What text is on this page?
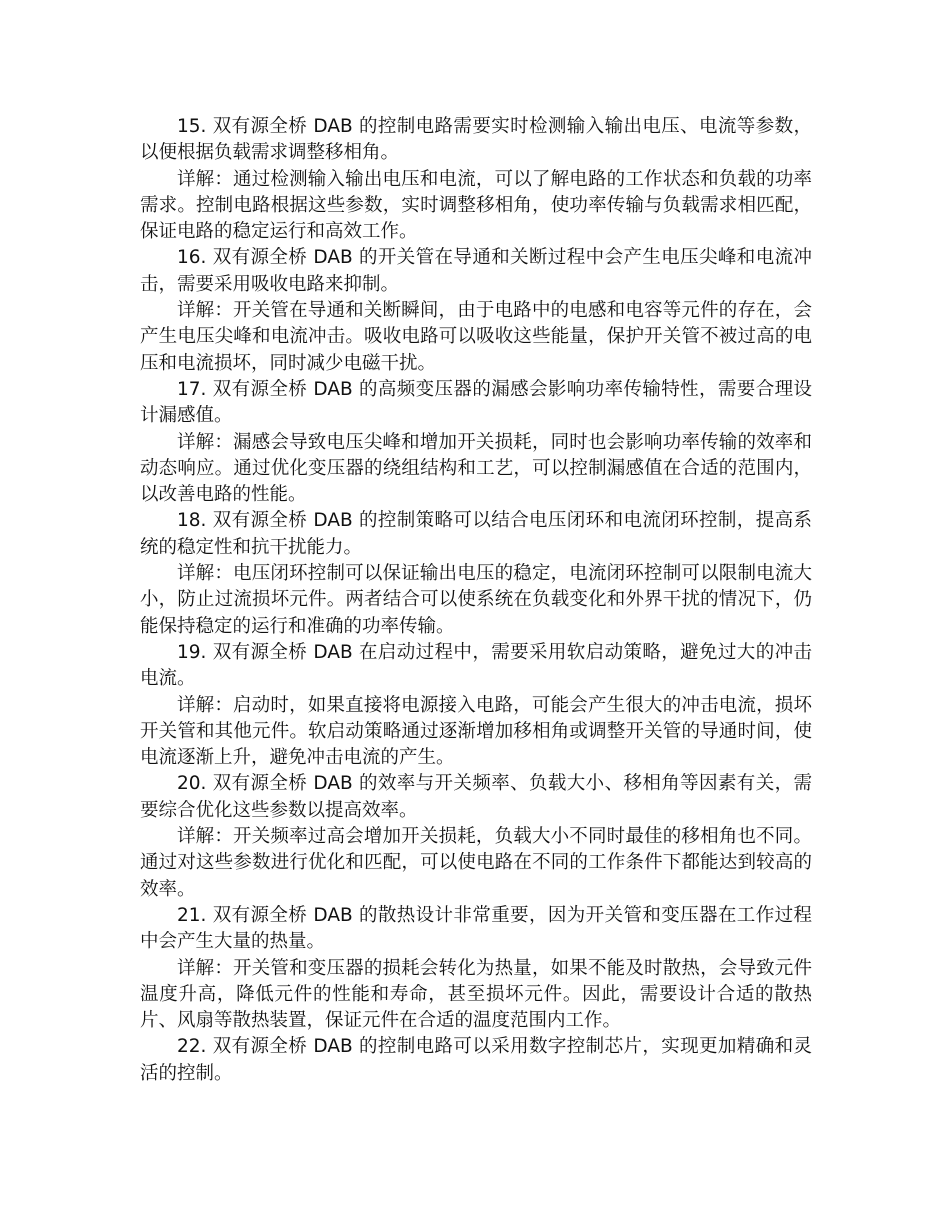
15. 双有源全桥 DAB 的控制电路需要实时检测输入输出电压、电流等参数，以便根据负载需求调整移相角。

详解：通过检测输入输出电压和电流，可以了解电路的工作状态和负载的功率需求。控制电路根据这些参数，实时调整移相角，使功率传输与负载需求相匹配，保证电路的稳定运行和高效工作。

16. 双有源全桥 DAB 的开关管在导通和关断过程中会产生电压尖峰和电流冲击，需要采用吸收电路来抑制。

详解：开关管在导通和关断瞬间，由于电路中的电感和电容等元件的存在，会产生电压尖峰和电流冲击。吸收电路可以吸收这些能量，保护开关管不被过高的电压和电流损坏，同时减少电磁干扰。

17. 双有源全桥 DAB 的高频变压器的漏感会影响功率传输特性，需要合理设计漏感值。

详解：漏感会导致电压尖峰和增加开关损耗，同时也会影响功率传输的效率和动态响应。通过优化变压器的绕组结构和工艺，可以控制漏感值在合适的范围内，以改善电路的性能。

18. 双有源全桥 DAB 的控制策略可以结合电压闭环和电流闭环控制，提高系统的稳定性和抗干扰能力。

详解：电压闭环控制可以保证输出电压的稳定，电流闭环控制可以限制电流大小，防止过流损坏元件。两者结合可以使系统在负载变化和外界干扰的情况下，仍能保持稳定的运行和准确的功率传输。

19. 双有源全桥 DAB 在启动过程中，需要采用软启动策略，避免过大的冲击电流。

详解：启动时，如果直接将电源接入电路，可能会产生很大的冲击电流，损坏开关管和其他元件。软启动策略通过逐渐增加移相角或调整开关管的导通时间，使电流逐渐上升，避免冲击电流的产生。

20. 双有源全桥 DAB 的效率与开关频率、负载大小、移相角等因素有关，需要综合优化这些参数以提高效率。

详解：开关频率过高会增加开关损耗，负载大小不同时最佳的移相角也不同。通过对这些参数进行优化和匹配，可以使电路在不同的工作条件下都能达到较高的效率。

21. 双有源全桥 DAB 的散热设计非常重要，因为开关管和变压器在工作过程中会产生大量的热量。

详解：开关管和变压器的损耗会转化为热量，如果不能及时散热，会导致元件温度升高，降低元件的性能和寿命，甚至损坏元件。因此，需要设计合适的散热片、风扇等散热装置，保证元件在合适的温度范围内工作。

22. 双有源全桥 DAB 的控制电路可以采用数字控制芯片，实现更加精确和灵活的控制。
